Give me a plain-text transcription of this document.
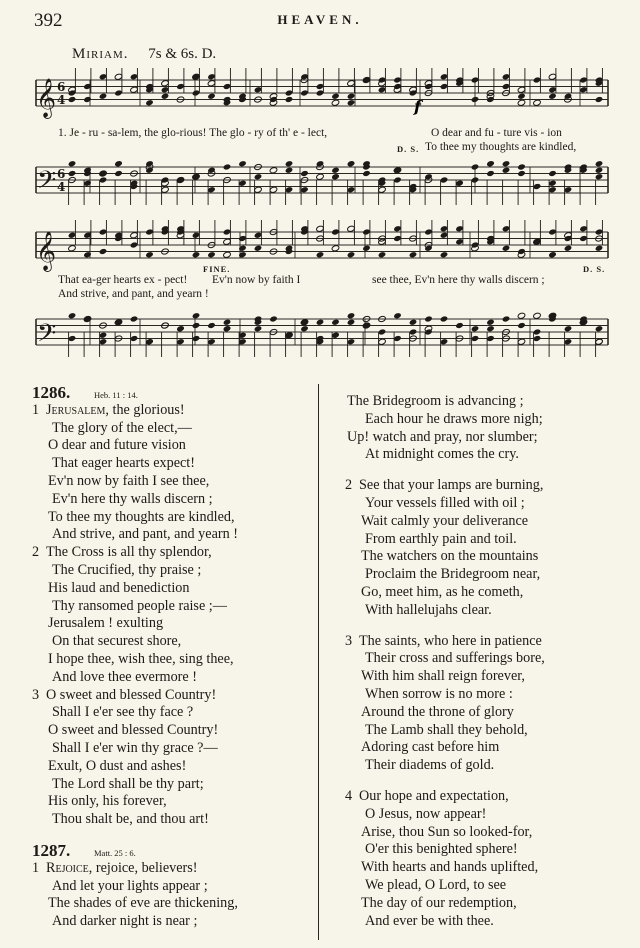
392	HEAVEN.
Miriam. 7s & 6s. D.
𝄞
𝄢
𝄞
𝄢
6
4
6
4
f
1. Je - ru - sa-lem, the glo-rious! The glo - ry of th' e - lect,	O dear and fu - ture vis - ion
D. S. To thee my thoughts are kindled,
FINE.	D. S.
That ea-ger hearts ex - pect! Ev'n now by faith I	see thee, Ev'n here thy walls discern ;
And strive, and pant, and yearn !
1286.	Heb. 11 : 14.
1 Jerusalem, the glorious!
The glory of the elect,—
O dear and future vision
That eager hearts expect!
Ev'n now by faith I see thee,
Ev'n here thy walls discern ;
To thee my thoughts are kindled,
And strive, and pant, and yearn !
2 The Cross is all thy splendor,
The Crucified, thy praise ;
His laud and benediction
Thy ransomed people raise ;—
Jerusalem ! exulting
On that securest shore,
I hope thee, wish thee, sing thee,
And love thee evermore !
3 O sweet and blessed Country!
Shall I e'er see thy face ?
O sweet and blessed Country!
Shall I e'er win thy grace ?—
Exult, O dust and ashes!
The Lord shall be thy part;
His only, his forever,
Thou shalt be, and thou art!
1287.	Matt. 25 : 6.
1 Rejoice, rejoice, believers!
And let your lights appear ;
The shades of eve are thickening,
And darker night is near ;
The Bridegroom is advancing ;
Each hour he draws more nigh;
Up! watch and pray, nor slumber;
At midnight comes the cry.
2 See that your lamps are burning,
Your vessels filled with oil ;
Wait calmly your deliverance
From earthly pain and toil.
The watchers on the mountains
Proclaim the Bridegroom near,
Go, meet him, as he cometh,
With hallelujahs clear.
3 The saints, who here in patience
Their cross and sufferings bore,
With him shall reign forever,
When sorrow is no more :
Around the throne of glory
The Lamb shall they behold,
Adoring cast before him
Their diadems of gold.
4 Our hope and expectation,
O Jesus, now appear!
Arise, thou Sun so looked-for,
O'er this benighted sphere!
With hearts and hands uplifted,
We plead, O Lord, to see
The day of our redemption,
And ever be with thee.
